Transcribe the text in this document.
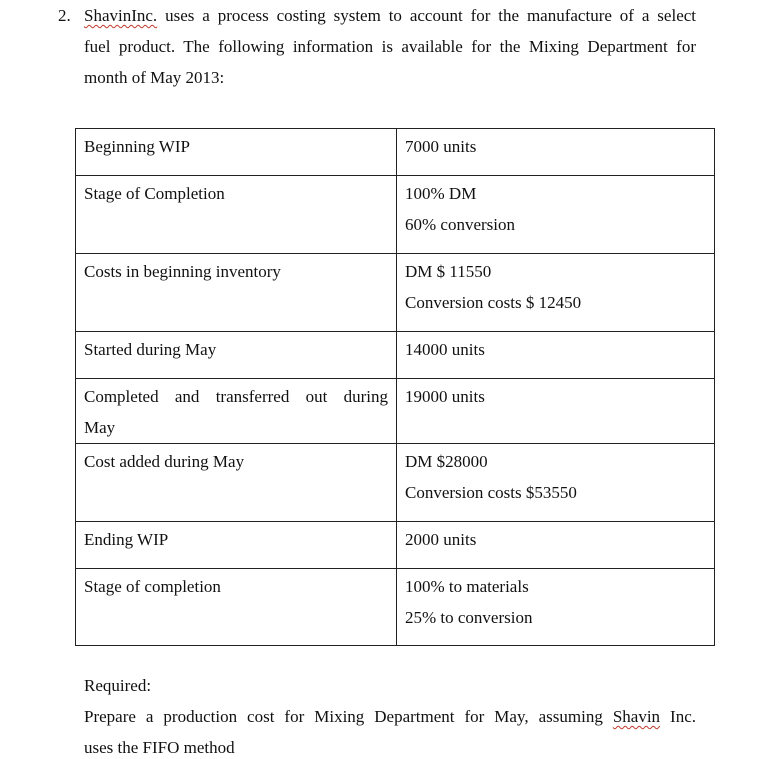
2. ShavinInc. uses a process costing system to account for the manufacture of a select
fuel product. The following information is available for the Mixing Department for
month of May 2013:
Beginning WIP	7000 units

Stage of Completion	100% DM
60% conversion

Costs in beginning inventory	DM $ 11550
Conversion costs $ 12450

Started during May	14000 units

Completed and transferred out during
May	19000 units

Cost added during May	DM $28000
Conversion costs $53550

Ending WIP	2000 units

Stage of completion	100% to materials
25% to conversion
Required:
Prepare a production cost for Mixing Department for May, assuming Shavin Inc.
uses the FIFO method
